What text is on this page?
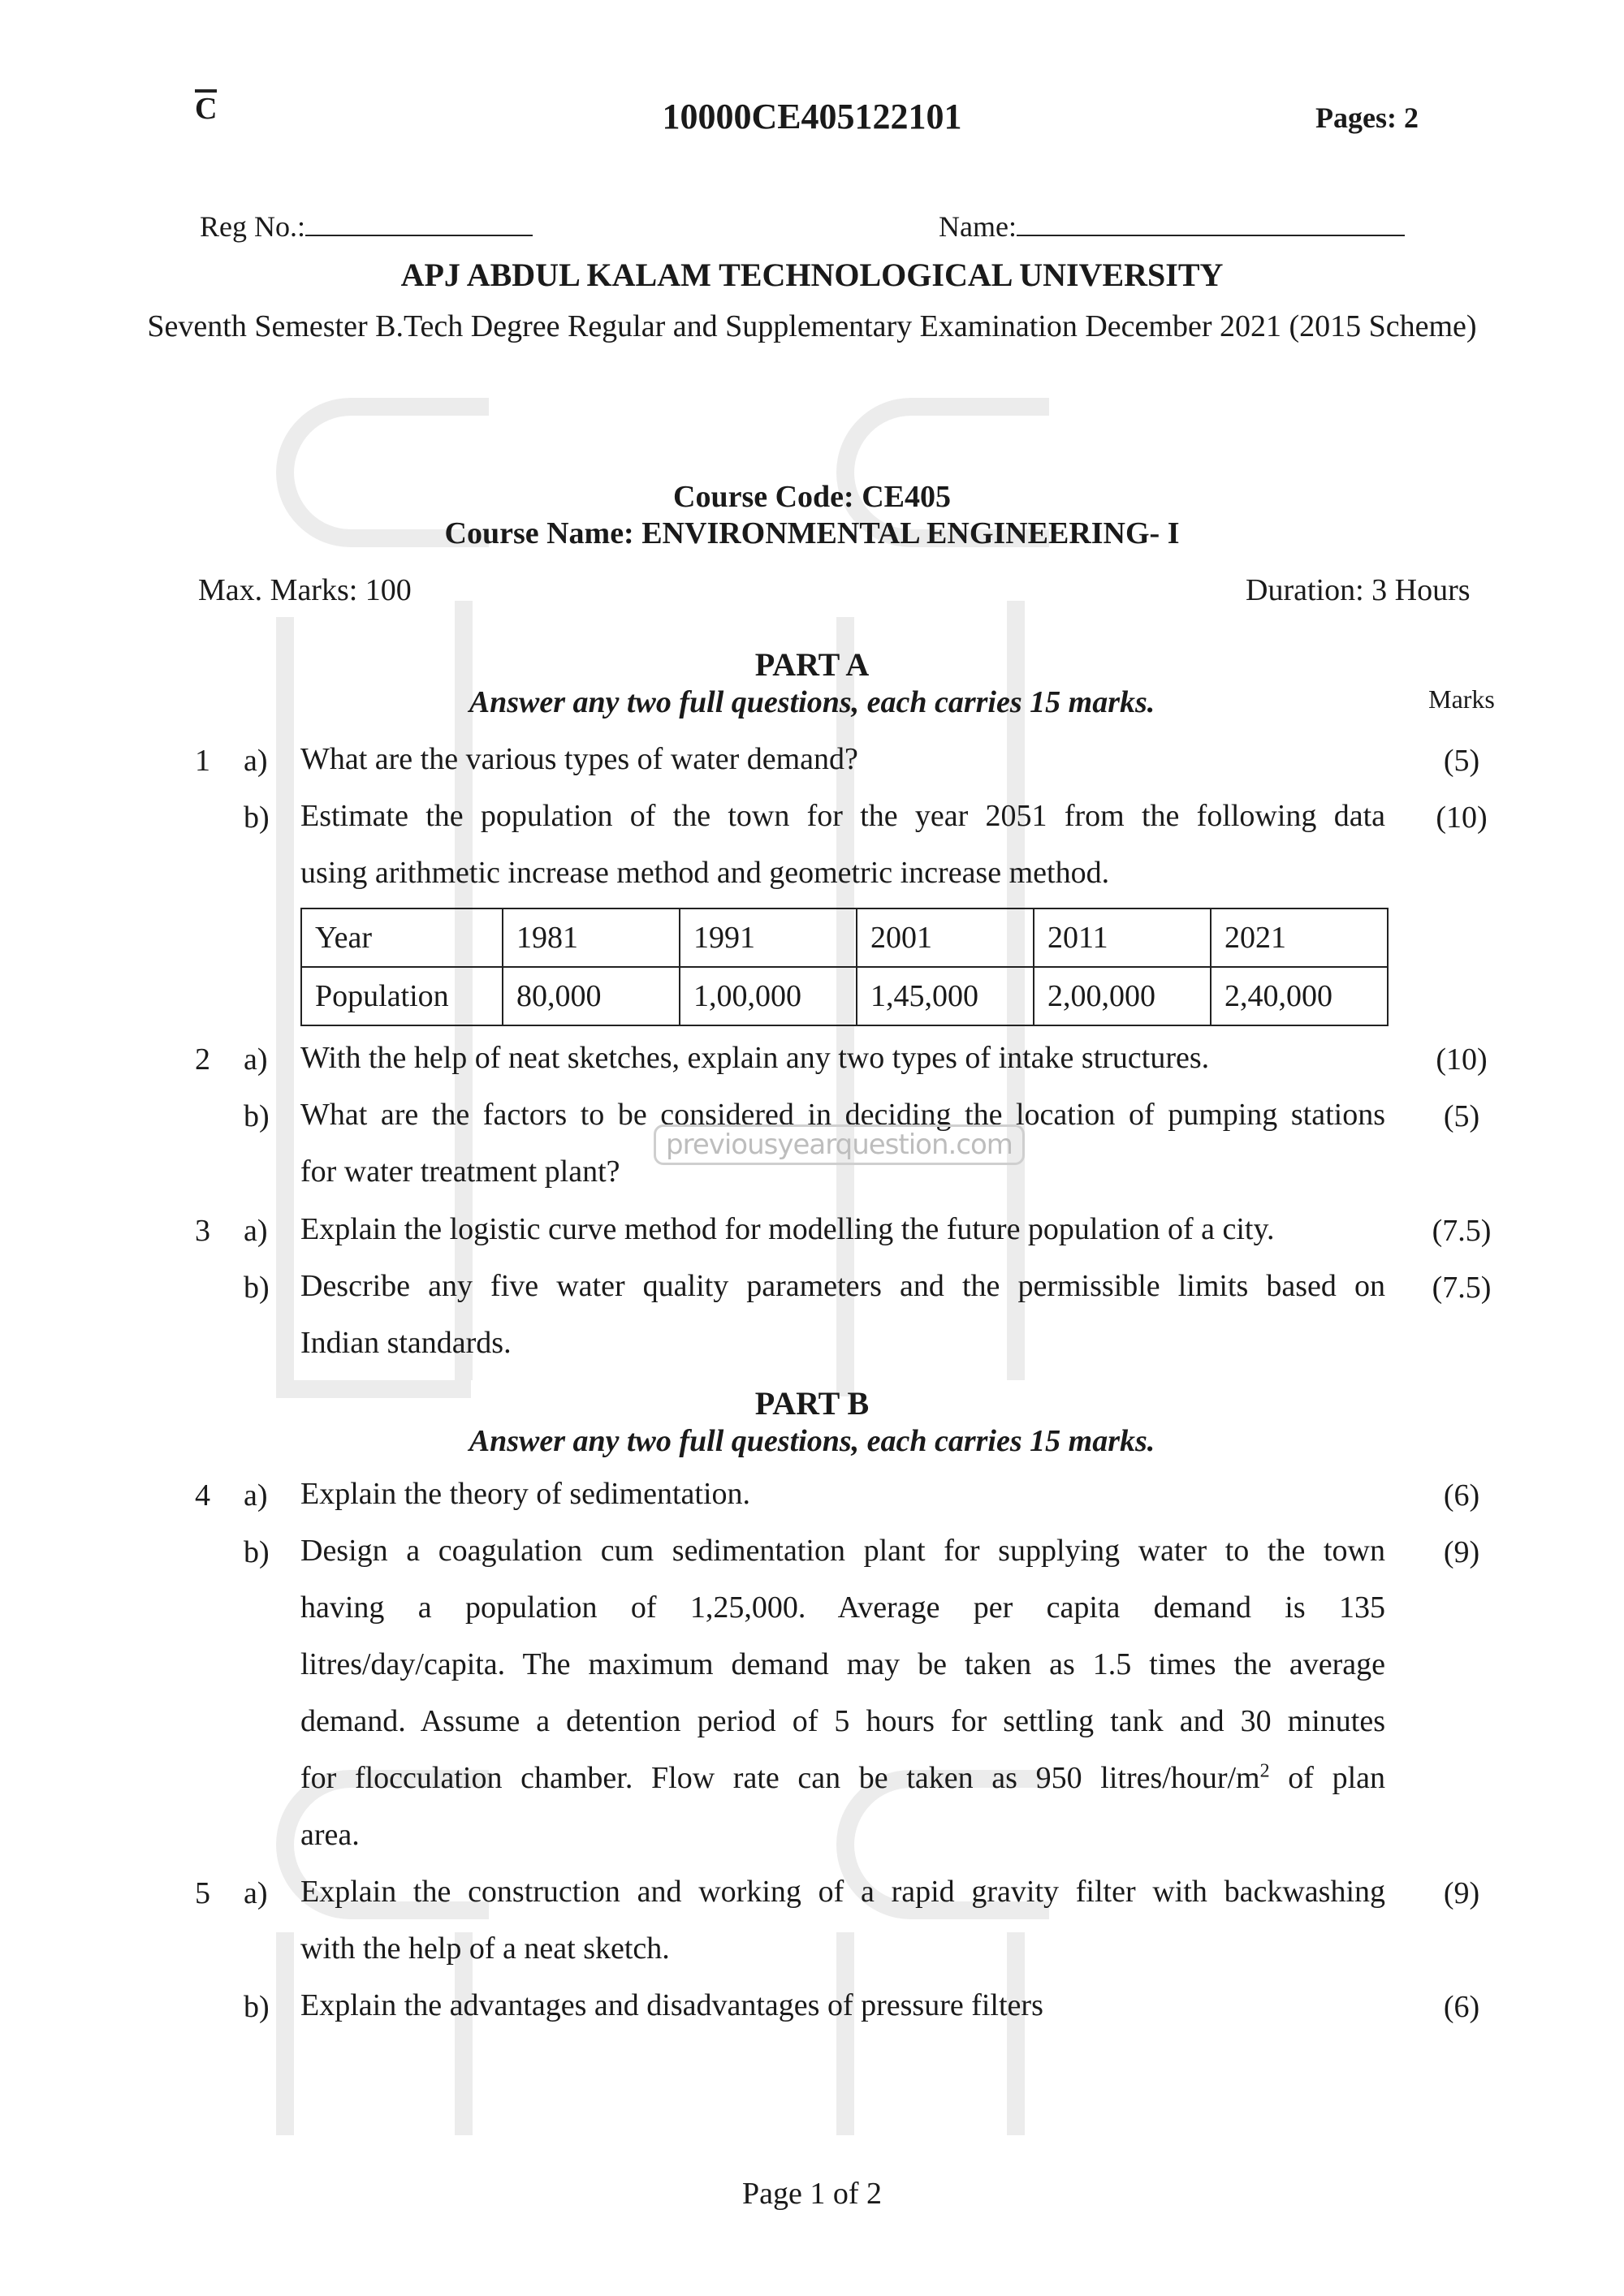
C	10000CE405122101	Pages: 2
Reg No.:	Name:
APJ ABDUL KALAM TECHNOLOGICAL UNIVERSITY
Seventh Semester B.Tech Degree Regular and Supplementary Examination December 2021 (2015 Scheme)
Course Code: CE405
Course Name: ENVIRONMENTAL ENGINEERING- I
Max. Marks: 100	Duration: 3 Hours
PART A
Answer any two full questions, each carries 15 marks.	Marks
1 a) What are the various types of water demand?	(5)
b) Estimate the population of the town for the year 2051 from the following data
using arithmetic increase method and geometric increase method.
(10)
Year	1981	1991	2001	2011	2021
Population	80,000	1,00,000	1,45,000	2,00,000	2,40,000
2 a) With the help of neat sketches, explain any two types of intake structures.	(10)
b) What are the factors to be considered in deciding the location of pumping stations
for water treatment plant?
(5)
previousyearquestion.com
3 a) Explain the logistic curve method for modelling the future population of a city.	(7.5)
b) Describe any five water quality parameters and the permissible limits based on
Indian standards.
(7.5)
PART B
Answer any two full questions, each carries 15 marks.
4 a) Explain the theory of sedimentation.	(6)
b) Design a coagulation cum sedimentation plant for supplying water to the town
having a population of 1,25,000. Average per capita demand is 135
litres/day/capita. The maximum demand may be taken as 1.5 times the average
demand. Assume a detention period of 5 hours for settling tank and 30 minutes
for flocculation chamber. Flow rate can be taken as 950 litres/$hour/m^2$ of plan
area.
(9)
5 a) Explain the construction and working of a rapid gravity filter with backwashing
with the help of a neat sketch.
(9)
b) Explain the advantages and disadvantages of pressure filters	(6)
Page 1 of 2
